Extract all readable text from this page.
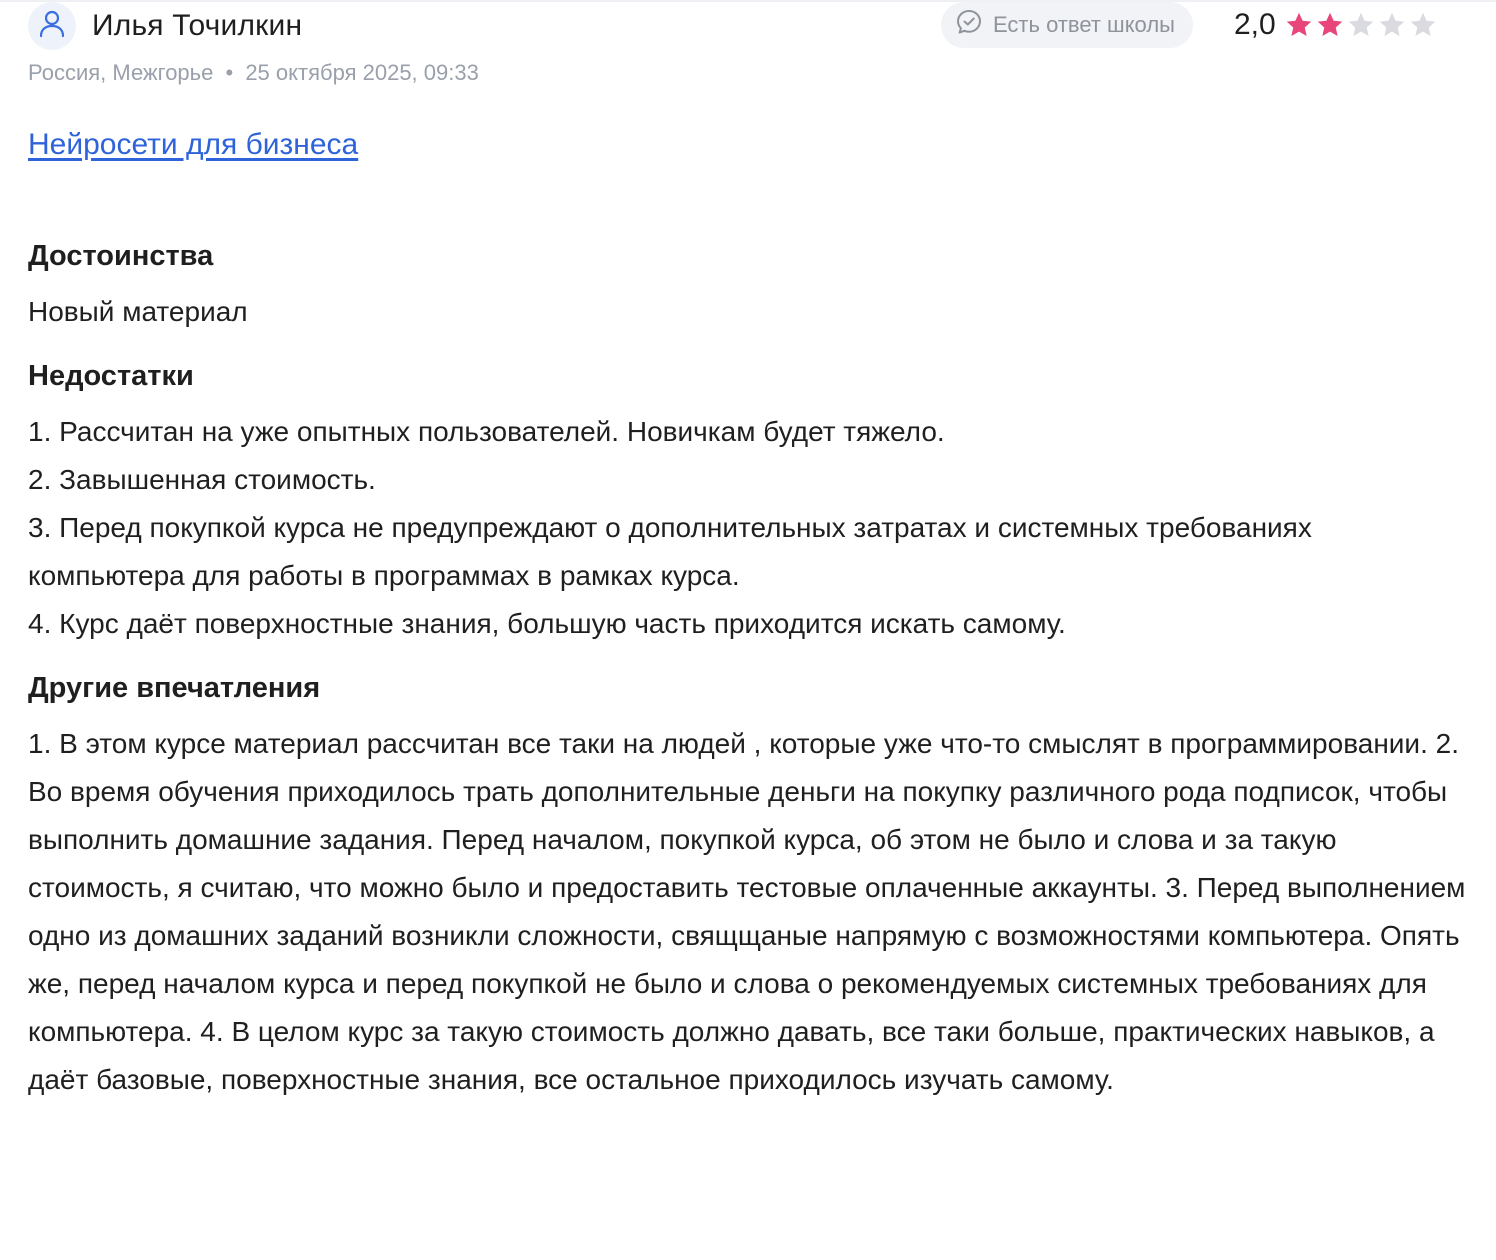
Илья Точилкин	Есть ответ школы 2,0
Россия, Межгорье • 25 октября 2025, 09:33
Нейросети для бизнеса
Достоинства

Новый материал

Недостатки

1. Рассчитан на уже опытных пользователей. Новичкам будет тяжело.
2. Завышенная стоимость.
3. Перед покупкой курса не предупреждают о дополнительных затратах и системных требованиях компьютера для работы в программах в рамках курса.
4. Курс даёт поверхностные знания, большую часть приходится искать самому.

Другие впечатления

1. В этом курсе материал рассчитан все таки на людей , которые уже что-то смыслят в программировании. 2. Во время обучения приходилось трать дополнительные деньги на покупку различного рода подписок, чтобы выполнить домашние задания. Перед началом, покупкой курса, об этом не было и слова и за такую стоимость, я считаю, что можно было и предоставить тестовые оплаченные аккаунты. 3. Перед выполнением одно из домашних заданий возникли сложности, свящщаные напрямую с возможностями компьютера. Опять же, перед началом курса и перед покупкой не было и слова о рекомендуемых системных требованиях для компьютера. 4. В целом курс за такую стоимость должно давать, все таки больше, практических навыков, а даёт базовые, поверхностные знания, все остальное приходилось изучать самому.
